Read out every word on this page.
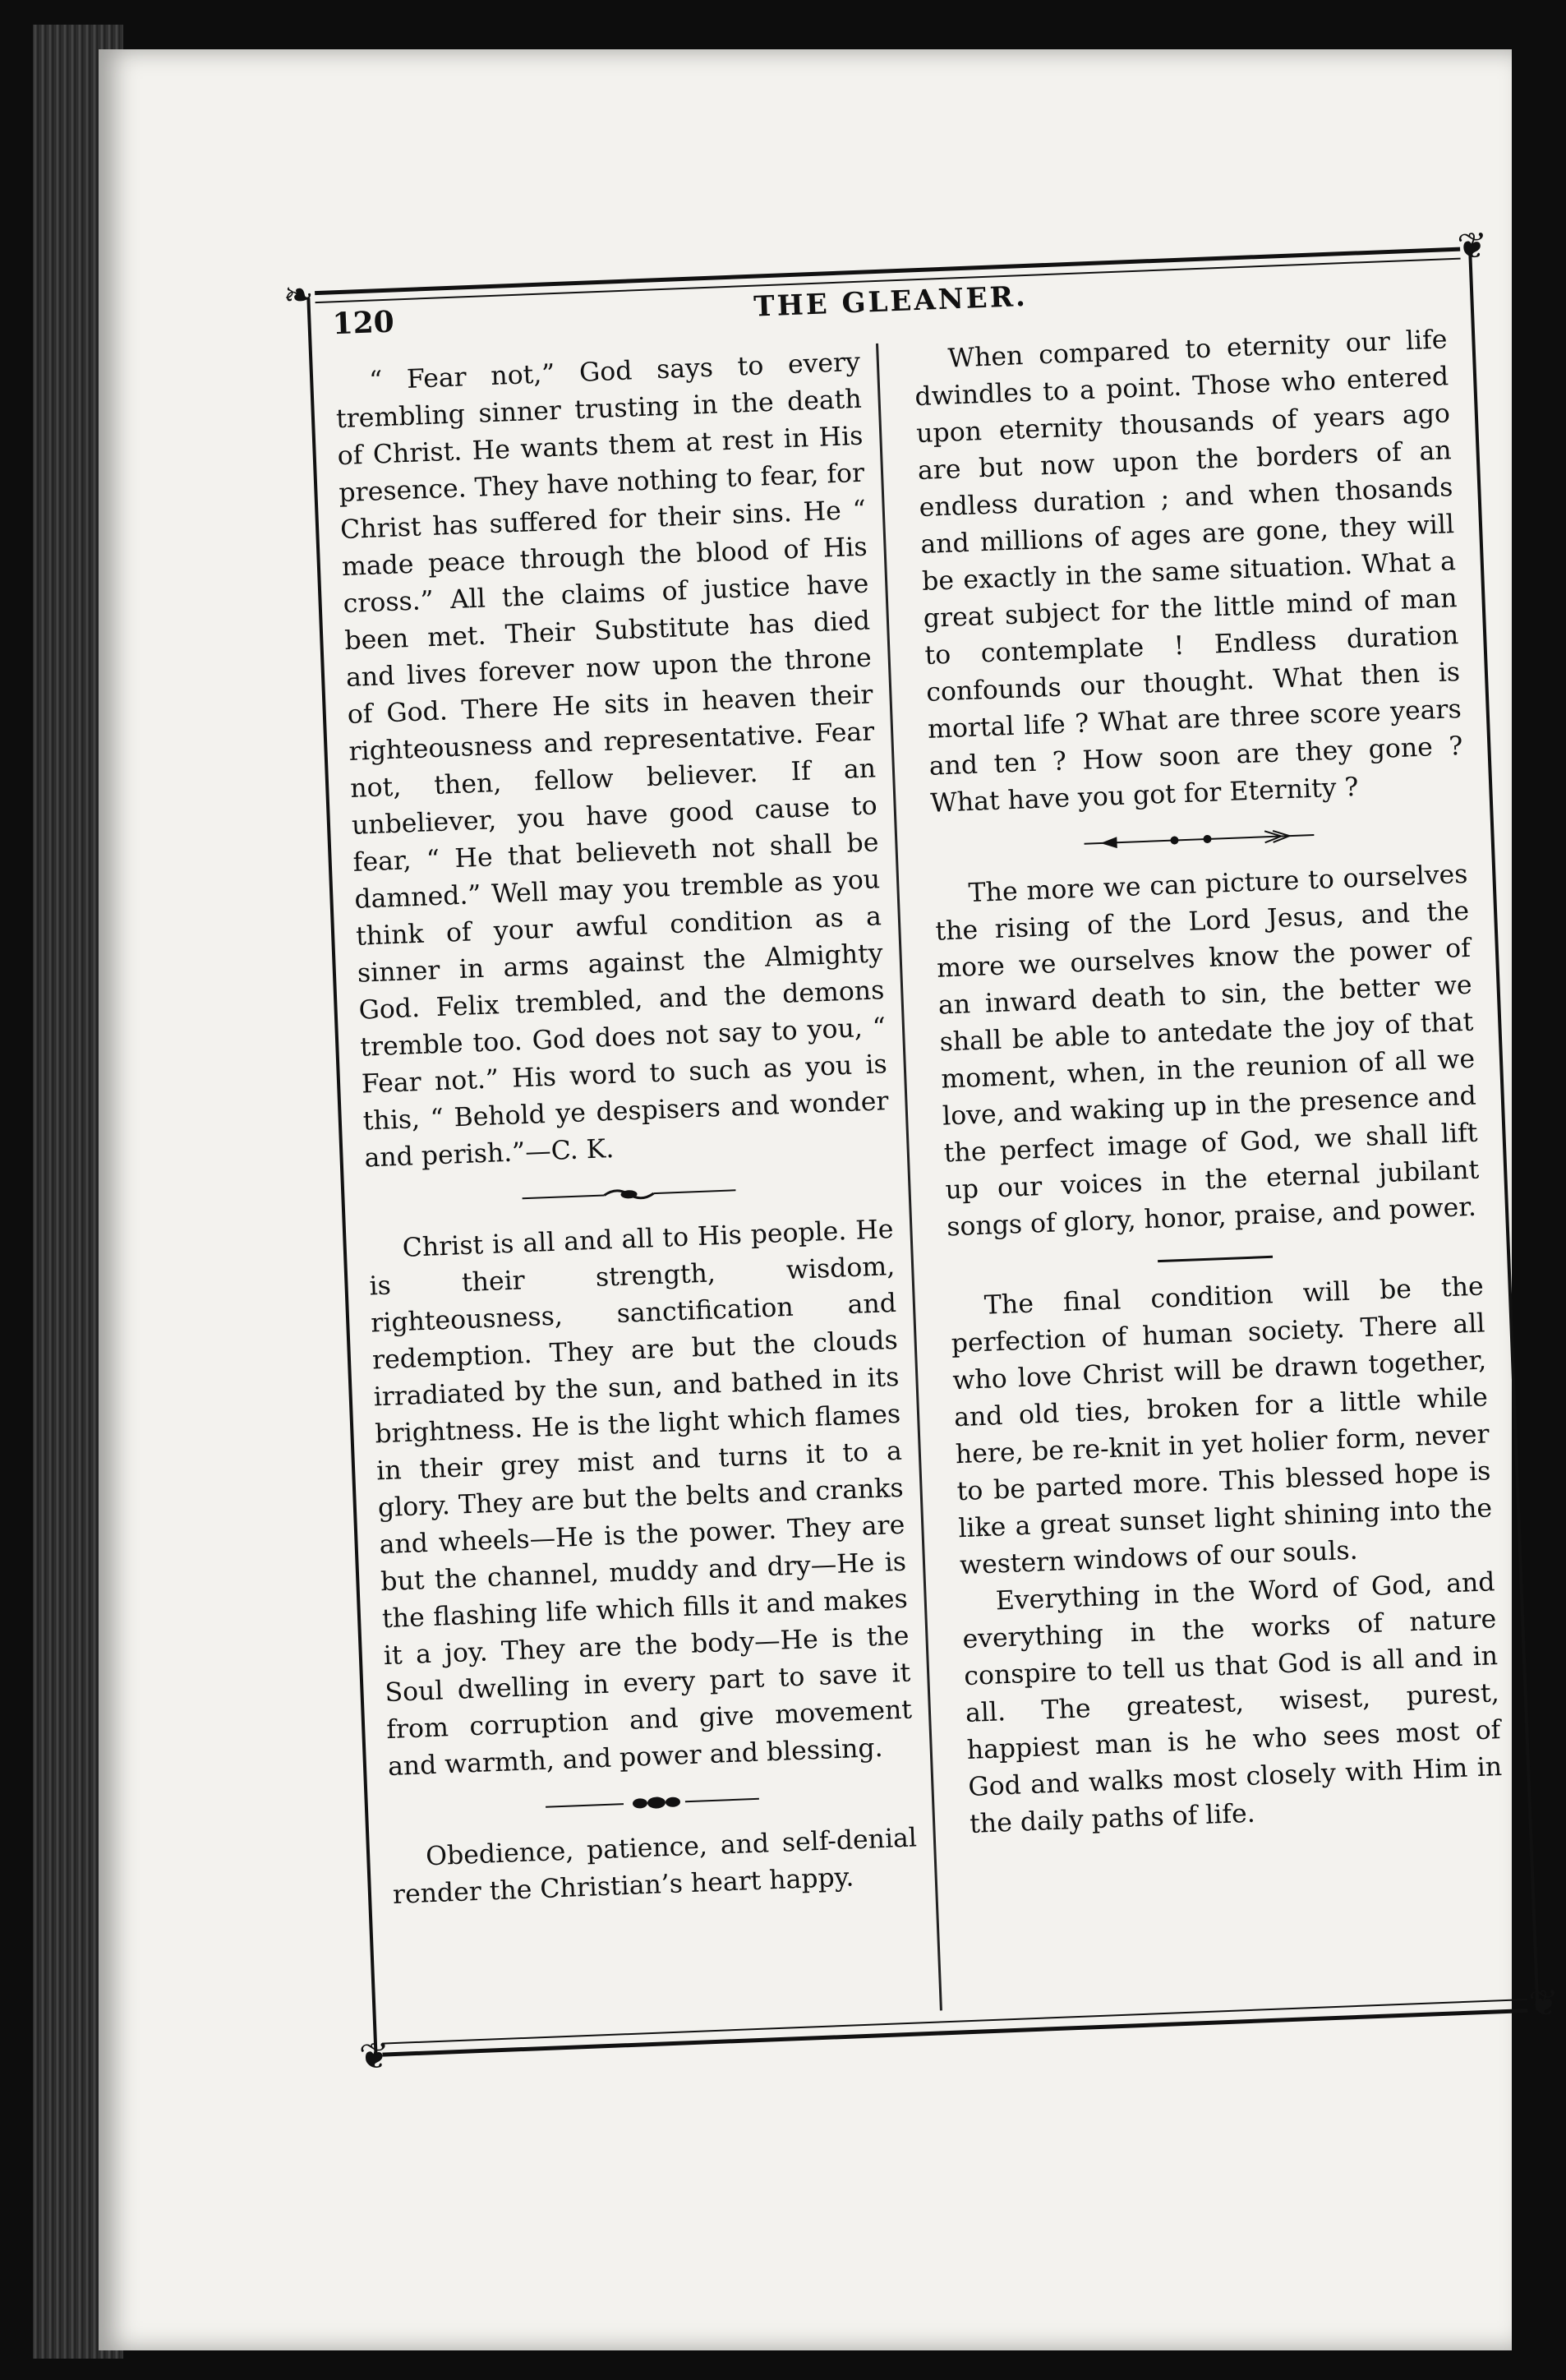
❧
❦
❦
❦
120	THE GLEANER.

“ Fear not,” God says to every trembling sinner trusting in the death of Christ. He wants them at rest in His presence. They have nothing to fear, for Christ has suffered for their sins. He “ made peace through the blood of His cross.” All the claims of justice have been met. Their Substitute has died and lives forever now upon the throne of God. There He sits in heaven their righteousness and representative. Fear not, then, fellow believer. If an unbeliever, you have good cause to fear, “ He that believeth not shall be damned.” Well may you tremble as you think of your awful condition as a sinner in arms against the Almighty God. Felix trembled, and the demons tremble too. God does not say to you, “ Fear not.” His word to such as you is this, “ Behold ye despisers and wonder and perish.”—C. K.

Christ is all and all to His people. He is their strength, wisdom, righteousness, sanctification and redemption. They are but the clouds irradiated by the sun, and bathed in its brightness. He is the light which flames in their grey mist and turns it to a glory. They are but the belts and cranks and wheels—He is the power. They are but the channel, muddy and dry—He is the flashing life which fills it and makes it a joy. They are the body—He is the Soul dwelling in every part to save it from corruption and give movement and warmth, and power and blessing.

Obedience, patience, and self-denial render the Christian’s heart happy.

When compared to eternity our life dwindles to a point. Those who entered upon eternity thousands of years ago are but now upon the borders of an endless duration ; and when thosands and millions of ages are gone, they will be exactly in the same situation. What a great subject for the little mind of man to contemplate ! Endless duration confounds our thought. What then is mortal life ? What are three score years and ten ? How soon are they gone ? What have you got for Eternity ?

The more we can picture to ourselves the rising of the Lord Jesus, and the more we ourselves know the power of an inward death to sin, the better we shall be able to antedate the joy of that moment, when, in the reunion of all we love, and waking up in the presence and the perfect image of God, we shall lift up our voices in the eternal jubilant songs of glory, honor, praise, and power.

The final condition will be the perfection of human society. There all who love Christ will be drawn together, and old ties, broken for a little while here, be re-knit in yet holier form, never to be parted more. This blessed hope is like a great sunset light shining into the western windows of our souls.

Everything in the Word of God, and everything in the works of nature conspire to tell us that God is all and in all. The greatest, wisest, purest, happiest man is he who sees most of God and walks most closely with Him in the daily paths of life.
